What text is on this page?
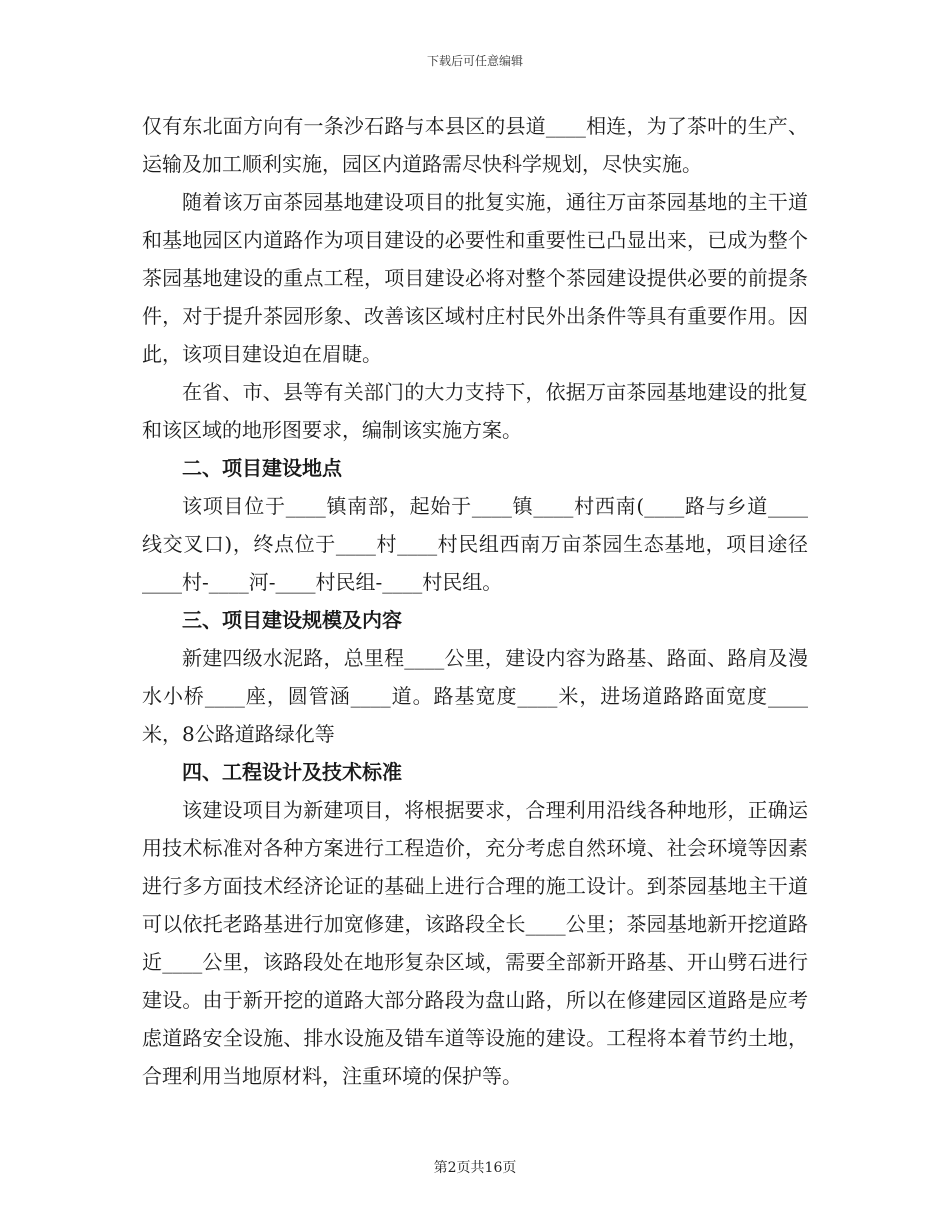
下载后可任意编辑

仅有东北面方向有一条沙石路与本县区的县道____相连，为了茶叶的生产、运输及加工顺利实施，园区内道路需尽快科学规划，尽快实施。

随着该万亩茶园基地建设项目的批复实施，通往万亩茶园基地的主干道和基地园区内道路作为项目建设的必要性和重要性已凸显出来，已成为整个茶园基地建设的重点工程，项目建设必将对整个茶园建设提供必要的前提条件，对于提升茶园形象、改善该区域村庄村民外出条件等具有重要作用。因此，该项目建设迫在眉睫。

在省、市、县等有关部门的大力支持下，依据万亩茶园基地建设的批复和该区域的地形图要求，编制该实施方案。

二、项目建设地点

该项目位于____镇南部，起始于____镇____村西南(____路与乡道____线交叉口)，终点位于____村____村民组西南万亩茶园生态基地，项目途径____村-____河-____村民组-____村民组。

三、项目建设规模及内容

新建四级水泥路，总里程____公里，建设内容为路基、路面、路肩及漫水小桥____座，圆管涵____道。路基宽度____米，进场道路路面宽度____米，8公路道路绿化等

四、工程设计及技术标准

该建设项目为新建项目，将根据要求，合理利用沿线各种地形，正确运用技术标准对各种方案进行工程造价，充分考虑自然环境、社会环境等因素进行多方面技术经济论证的基础上进行合理的施工设计。到茶园基地主干道可以依托老路基进行加宽修建，该路段全长____公里；茶园基地新开挖道路近____公里，该路段处在地形复杂区域，需要全部新开路基、开山劈石进行建设。由于新开挖的道路大部分路段为盘山路，所以在修建园区道路是应考虑道路安全设施、排水设施及错车道等设施的建设。工程将本着节约土地，合理利用当地原材料，注重环境的保护等。

第2页共16页
